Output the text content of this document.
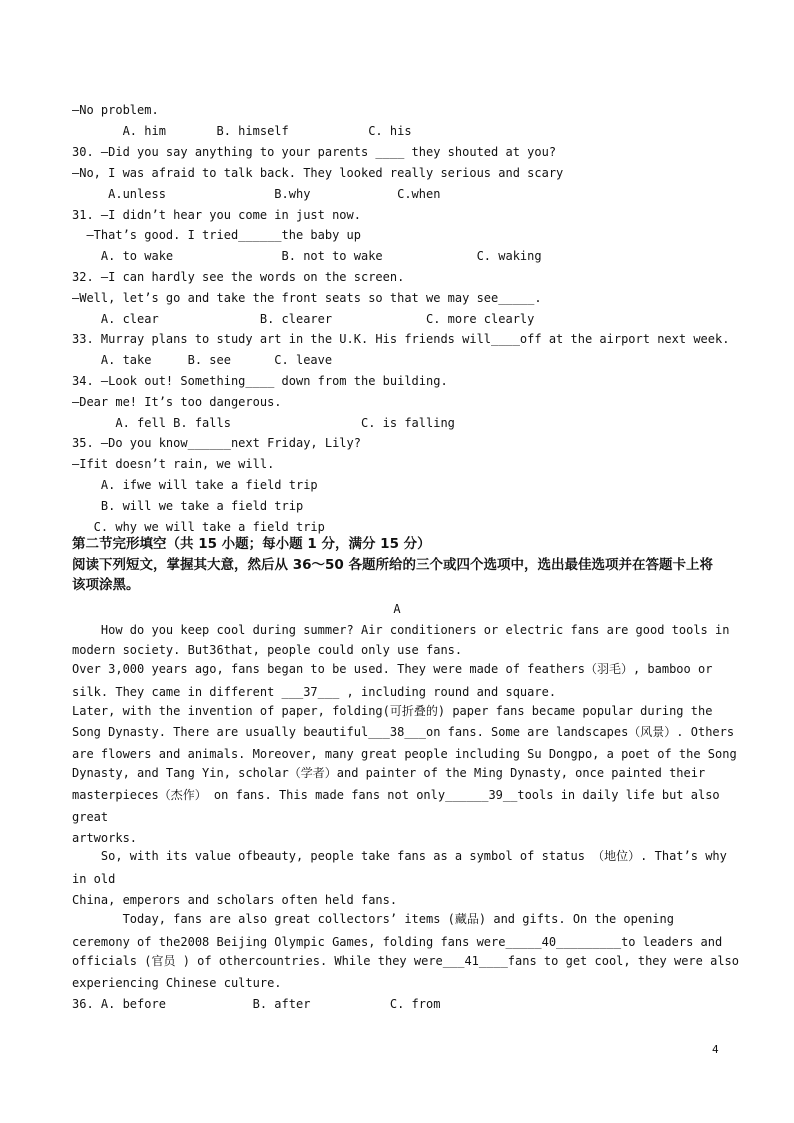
—No problem.
A. him       B. himself           C. his
30. —Did you say anything to your parents ____ they shouted at you?
—No, I was afraid to talk back. They looked really serious and scary
A.unless               B.why            C.when
31. —I didn’t hear you come in just now.
—That’s good. I tried______the baby up
A. to wake               B. not to wake             C. waking
32. —I can hardly see the words on the screen.
—Well, let’s go and take the front seats so that we may see_____.
A. clear              B. clearer             C. more clearly
33. Murray plans to study art in the U.K. His friends will____off at the airport next week.
A. take     B. see      C. leave
34. —Look out! Something____ down from the building.
—Dear me! It’s too dangerous.
A. fell B. falls                  C. is falling
35. —Do you know______next Friday, Lily?
—Ifit doesn’t rain, we will.
A. ifwe will take a field trip
B. will we take a field trip
C. why we will take a field trip
第二节完形填空（共 15 小题；每小题 1 分，满分 15 分）
阅读下列短文，掌握其大意，然后从 36～50 各题所给的三个或四个选项中，选出最佳选项并在答题卡上将
该项涂黑。
A
How do you keep cool during summer? Air conditioners or electric fans are good tools in
modern society. But36that, people could only use fans.
Over 3,000 years ago, fans began to be used. They were made of feathers（羽毛）, bamboo or
silk. They came in different ___37___ , including round and square.
Later, with the invention of paper, folding(可折叠的) paper fans became popular during the
Song Dynasty. There are usually beautiful___38___on fans. Some are landscapes（风景）. Others
are flowers and animals. Moreover, many great people including Su Dongpo, a poet of the Song
Dynasty, and Tang Yin, scholar（学者）and painter of the Ming Dynasty, once painted their
masterpieces（杰作） on fans. This made fans not only______39__tools in daily life but also
great
artworks.
So, with its value ofbeauty, people take fans as a symbol of status （地位）. That’s why
in old
China, emperors and scholars often held fans.
Today, fans are also great collectors’ items (藏品) and gifts. On the opening
ceremony of the2008 Beijing Olympic Games, folding fans were_____40_________to leaders and
officials (官员 ) of othercountries. While they were___41____fans to get cool, they were also
experiencing Chinese culture.
36. A. before            B. after           C. from
4
